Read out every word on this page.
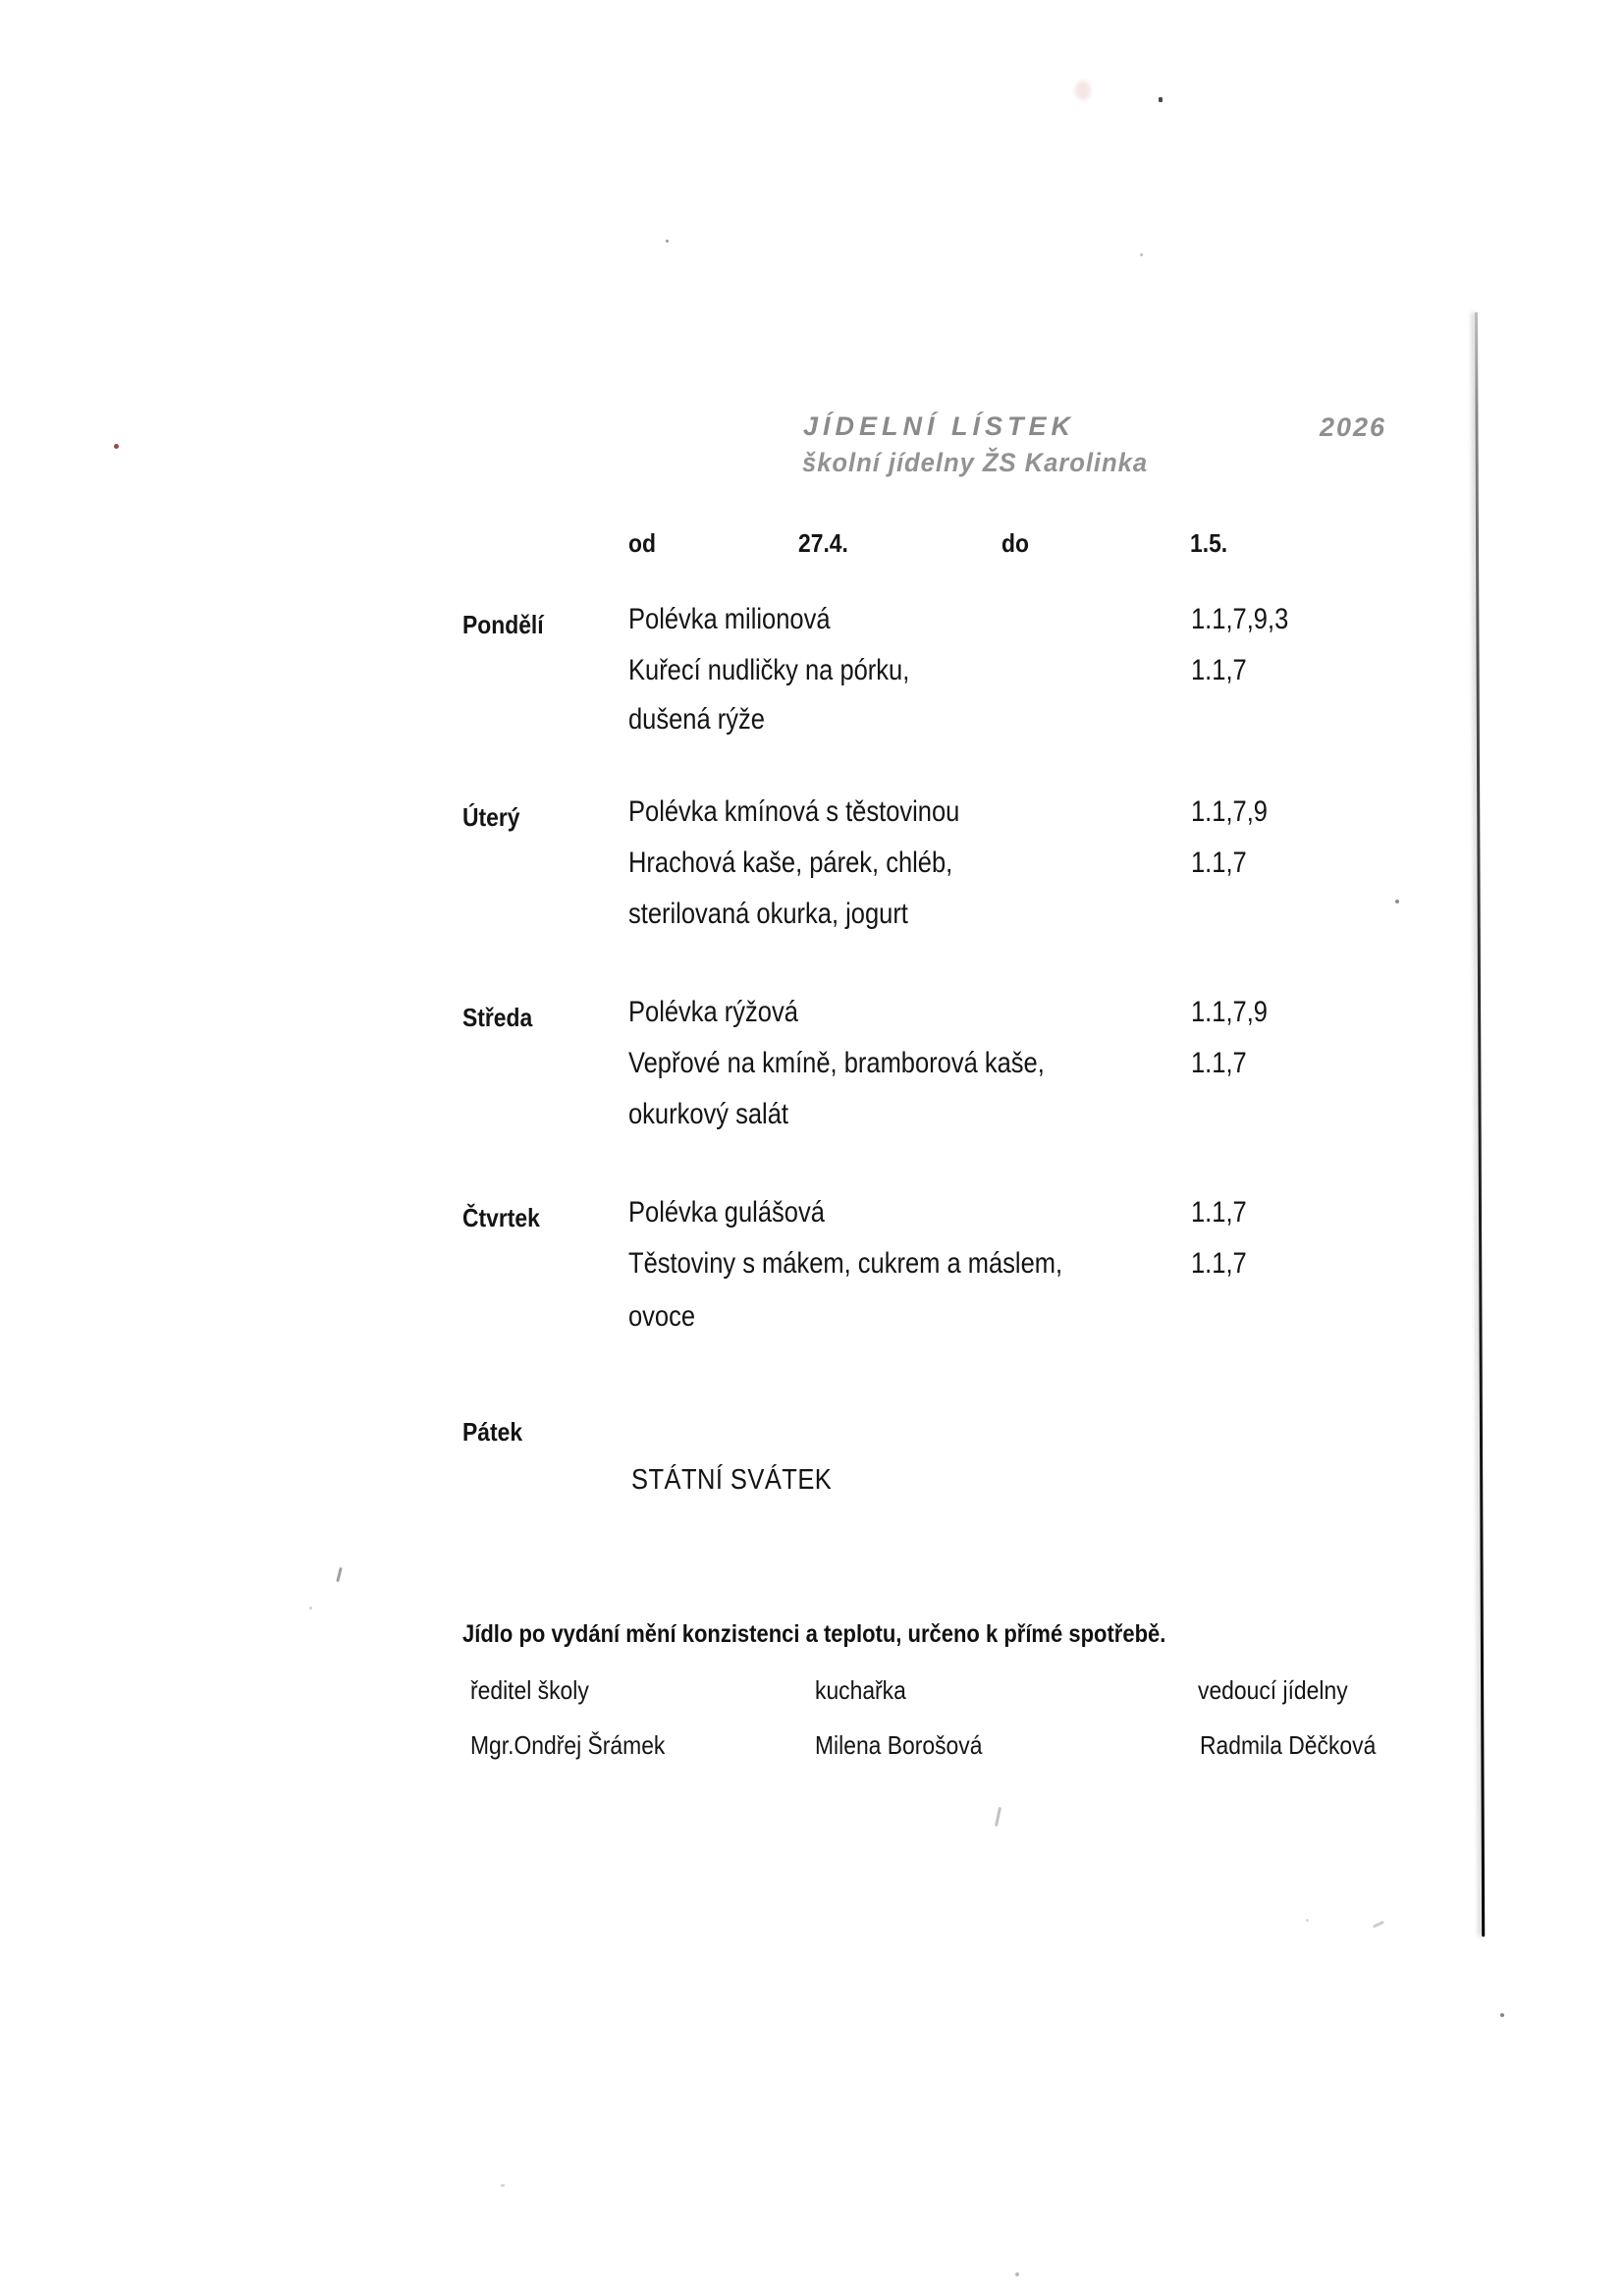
JÍDELNÍ LÍSTEK	2026
školní jídelny ŽS Karolinka
od	27.4.	do	1.5.
Pondělí	Polévka milionová	1.1,7,9,3
Kuřecí nudličky na pórku,	1.1,7
dušená rýže
Úterý	Polévka kmínová s těstovinou	1.1,7,9
Hrachová kaše, párek, chléb,	1.1,7
sterilovaná okurka, jogurt
Středa	Polévka rýžová	1.1,7,9
Vepřové na kmíně, bramborová kaše,	1.1,7
okurkový salát
Čtvrtek	Polévka gulášová	1.1,7
Těstoviny s mákem, cukrem a máslem,	1.1,7
ovoce
Pátek
STÁTNÍ SVÁTEK
Jídlo po vydání mění konzistenci a teplotu, určeno k přímé spotřebě.
ředitel školy	kuchařka	vedoucí jídelny
Mgr.Ondřej Šrámek	Milena Borošová	Radmila Děčková
